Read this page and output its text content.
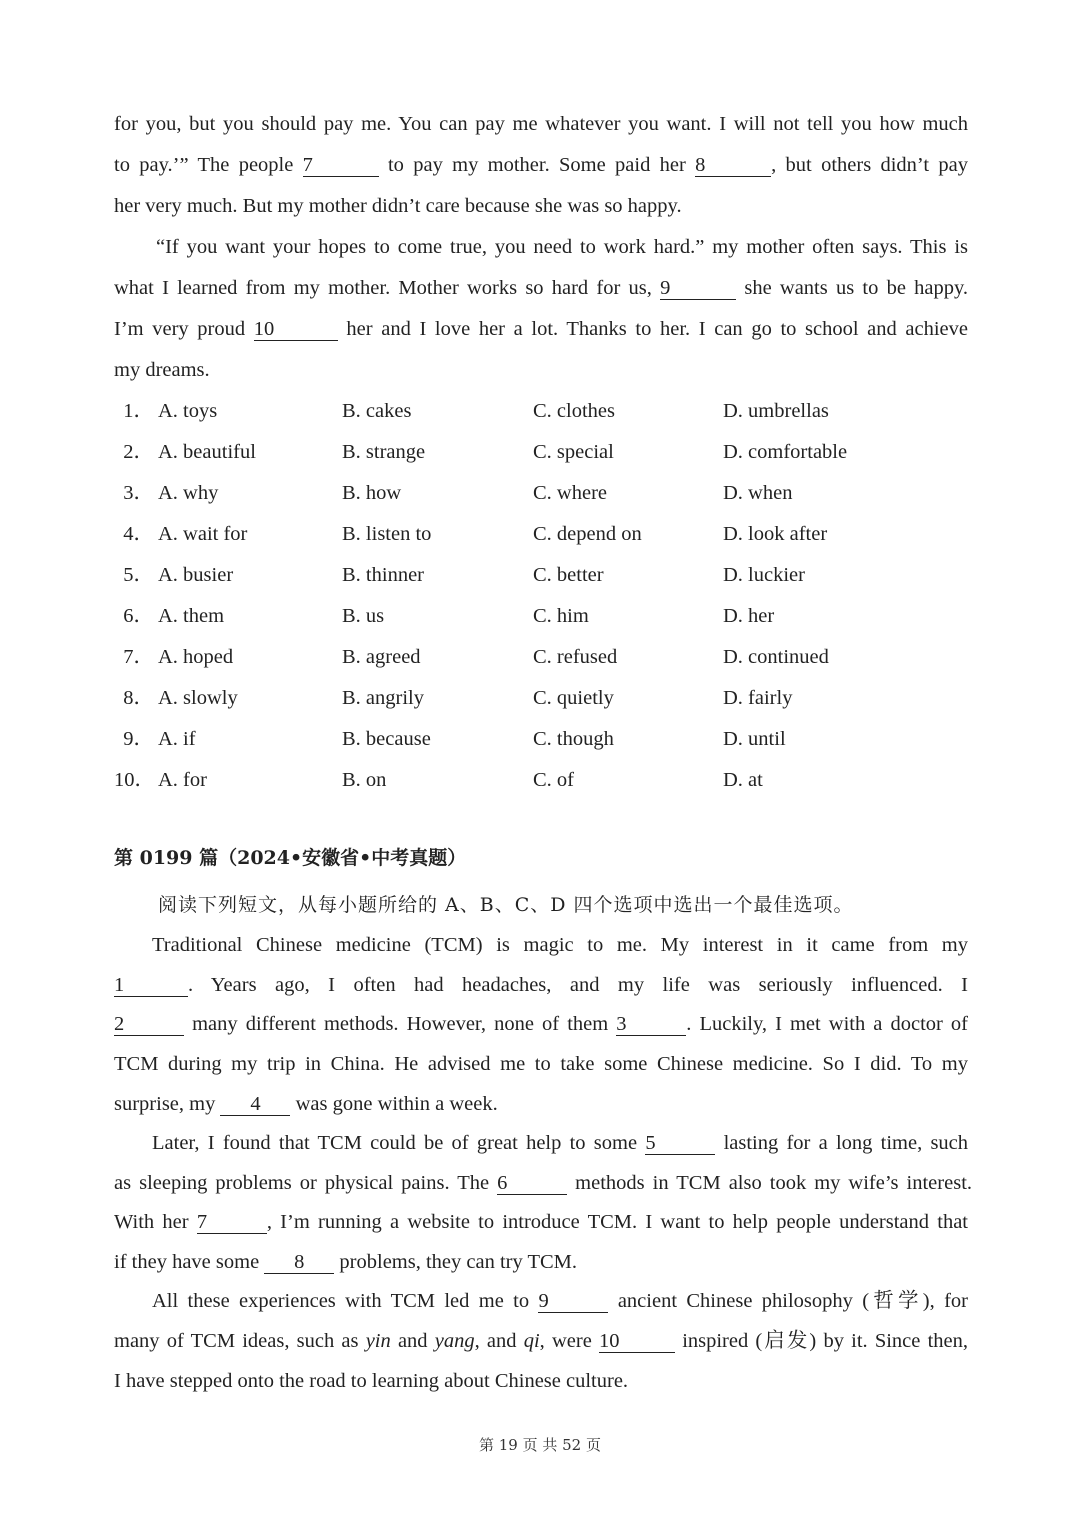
for you, but you should pay me. You can pay me whatever you want. I will not tell you how much
to pay.’” The people 7	to pay my mother. Some paid her 8	, but others didn’t pay
her very much. But my mother didn’t care because she was so happy.
“If you want your hopes to come true, you need to work hard.” my mother often says. This is
what I learned from my mother. Mother works so hard for us, 9	she wants us to be happy.
I’m very proud 10	her and I love her a lot. Thanks to her. I can go to school and achieve
my dreams.
1． A. toys	B. cakes	C. clothes	D. umbrellas
2． A. beautiful	B. strange	C. special	D. comfortable
3． A. why	B. how	C. where	D. when
4． A. wait for	B. listen to	C. depend on	D. look after
5． A. busier	B. thinner	C. better	D. luckier
6． A. them	B. us	C. him	D. her
7． A. hoped	B. agreed	C. refused	D. continued
8． A. slowly	B. angrily	C. quietly	D. fairly
9． A. if	B. because	C. though	D. until
10． A. for	B. on	C. of	D. at
第 0199 篇（2024•安徽省•中考真题）
阅读下列短文，从每小题所给的 A、B、C、D 四个选项中选出一个最佳选项。
Traditional Chinese medicine (TCM) is magic to me. My interest in it came from my
1	. Years ago, I often had headaches, and my life was seriously influenced. I
2	many different methods. However, none of them 3	. Luckily, I met with a doctor of
TCM during my trip in China. He advised me to take some Chinese medicine. So I did. To my
surprise, my 4 was gone within a week.
Later, I found that TCM could be of great help to some 5	lasting for a long time, such
as sleeping problems or physical pains. The 6	methods in TCM also took my wife’s interest.
With her 7	, I’m running a website to introduce TCM. I want to help people understand that
if they have some 8 problems, they can try TCM.
All these experiences with TCM led me to 9	ancient Chinese philosophy (哲学), for
many of TCM ideas, such as yin and yang, and qi, were 10	inspired (启发) by it. Since then,
I have stepped onto the road to learning about Chinese culture.
第 19 页 共 52 页
